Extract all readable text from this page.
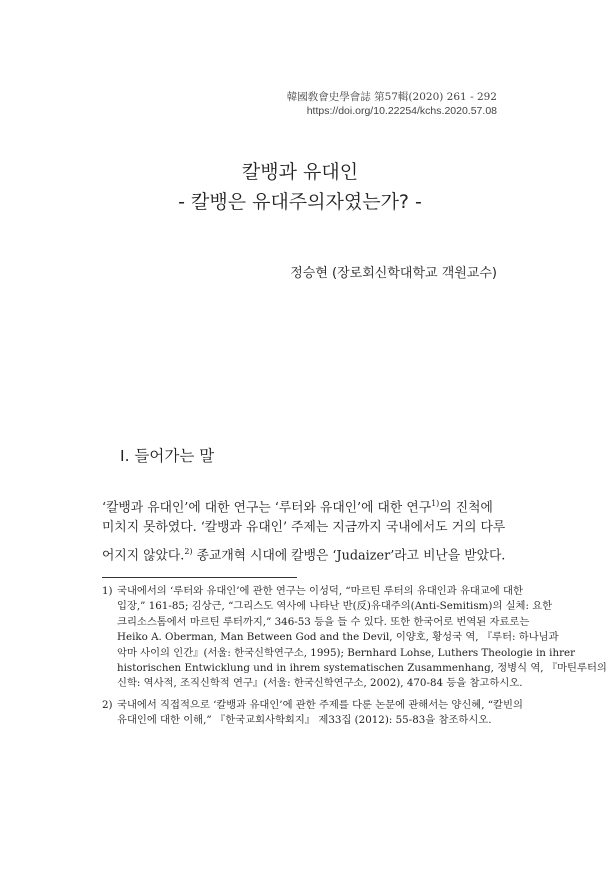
韓國敎會史學會誌 第57輯(2020) 261 - 292
https://doi.org/10.22254/kchs.2020.57.08
칼뱅과 유대인
- 칼뱅은 유대주의자였는가? -
정승현 (장로회신학대학교 객원교수)
I. 들어가는 말
‘칼뱅과 유대인’에 대한 연구는 ‘루터와 유대인’에 대한 연구$^{1)}$의 진척에
미치지 못하였다. ‘칼뱅과 유대인’ 주제는 지금까지 국내에서도 거의 다루
어지지 않았다.$^{2)}$ 종교개혁 시대에 칼뱅은 ‘Judaizer’라고 비난을 받았다.
1) 국내에서의 ‘루터와 유대인’에 관한 연구는 이성덕, “마르틴 루터의 유대인과 유대교에 대한
입장,” 161-85; 김상근, “그리스도 역사에 나타난 반(反)유대주의(Anti-Semitism)의 실체: 요한
크리소스톰에서 마르틴 루터까지,” 346-53 등을 들 수 있다. 또한 한국어로 번역된 자료로는
Heiko A. Oberman, Man Between God and the Devil, 이양호, 황성국 역, 『루터: 하나님과
악마 사이의 인간』(서울: 한국신학연구소, 1995); Bernhard Lohse, Luthers Theologie in ihrer
historischen Entwicklung und in ihrem systematischen Zusammenhang, 정병식 역, 『마틴루터의
신학: 역사적, 조직신학적 연구』(서울: 한국신학연구소, 2002), 470-84 등을 참고하시오.
2) 국내에서 직접적으로 ‘칼뱅과 유대인’에 관한 주제를 다룬 논문에 관해서는 양신혜, “칼빈의
유대인에 대한 이해,” 『한국교회사학회지』 제33집 (2012): 55-83을 참조하시오.
